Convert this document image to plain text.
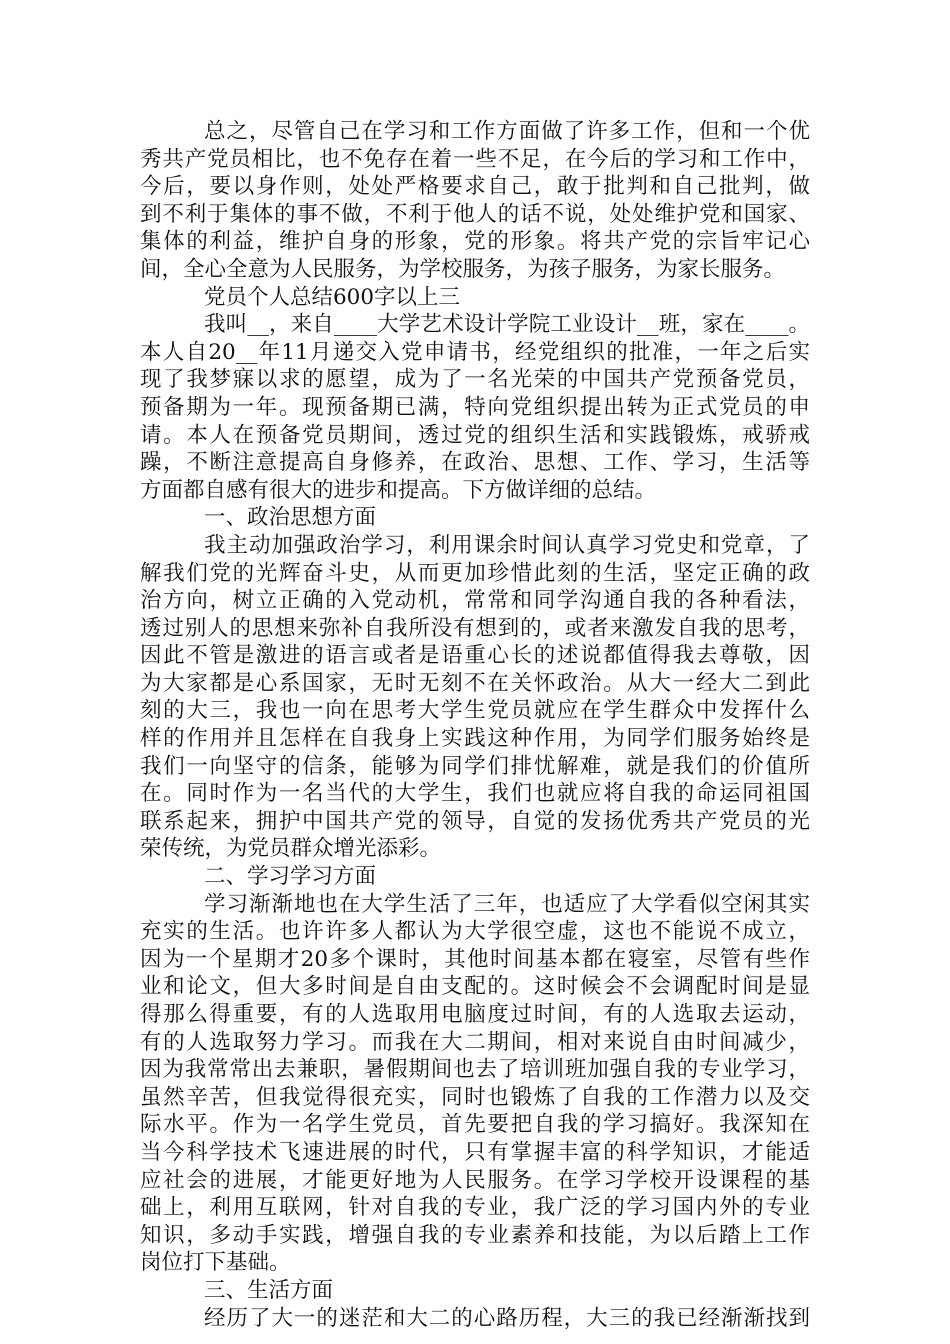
总之，尽管自己在学习和工作方面做了许多工作，但和一个优
秀共产党员相比，也不免存在着一些不足，在今后的学习和工作中，
今后，要以身作则，处处严格要求自己，敢于批判和自己批判，做
到不利于集体的事不做，不利于他人的话不说，处处维护党和国家、
集体的利益，维护自身的形象，党的形象。将共产党的宗旨牢记心
间，全心全意为人民服务，为学校服务，为孩子服务，为家长服务。
党员个人总结600字以上三
我叫__，来自____大学艺术设计学院工业设计__班，家在____。
本人自20__年11月递交入党申请书，经党组织的批准，一年之后实
现了我梦寐以求的愿望，成为了一名光荣的中国共产党预备党员，
预备期为一年。现预备期已满，特向党组织提出转为正式党员的申
请。本人在预备党员期间，透过党的组织生活和实践锻炼，戒骄戒
躁，不断注意提高自身修养，在政治、思想、工作、学习，生活等
方面都自感有很大的进步和提高。下方做详细的总结。
一、政治思想方面
我主动加强政治学习，利用课余时间认真学习党史和党章，了
解我们党的光辉奋斗史，从而更加珍惜此刻的生活，坚定正确的政
治方向，树立正确的入党动机，常常和同学沟通自我的各种看法，
透过别人的思想来弥补自我所没有想到的，或者来激发自我的思考，
因此不管是激进的语言或者是语重心长的述说都值得我去尊敬，因
为大家都是心系国家，无时无刻不在关怀政治。从大一经大二到此
刻的大三，我也一向在思考大学生党员就应在学生群众中发挥什么
样的作用并且怎样在自我身上实践这种作用，为同学们服务始终是
我们一向坚守的信条，能够为同学们排忧解难，就是我们的价值所
在。同时作为一名当代的大学生，我们也就应将自我的命运同祖国
联系起来，拥护中国共产党的领导，自觉的发扬优秀共产党员的光
荣传统，为党员群众增光添彩。
二、学习学习方面
学习渐渐地也在大学生活了三年，也适应了大学看似空闲其实
充实的生活。也许许多人都认为大学很空虚，这也不能说不成立，
因为一个星期才20多个课时，其他时间基本都在寝室，尽管有些作
业和论文，但大多时间是自由支配的。这时候会不会调配时间是显
得那么得重要，有的人选取用电脑度过时间，有的人选取去运动，
有的人选取努力学习。而我在大二期间，相对来说自由时间减少，
因为我常常出去兼职，暑假期间也去了培训班加强自我的专业学习，
虽然辛苦，但我觉得很充实，同时也锻炼了自我的工作潜力以及交
际水平。作为一名学生党员，首先要把自我的学习搞好。我深知在
当今科学技术飞速进展的时代，只有掌握丰富的科学知识，才能适
应社会的进展，才能更好地为人民服务。在学习学校开设课程的基
础上，利用互联网，针对自我的专业，我广泛的学习国内外的专业
知识，多动手实践，增强自我的专业素养和技能，为以后踏上工作
岗位打下基础。
三、生活方面
经历了大一的迷茫和大二的心路历程，大三的我已经渐渐找到
